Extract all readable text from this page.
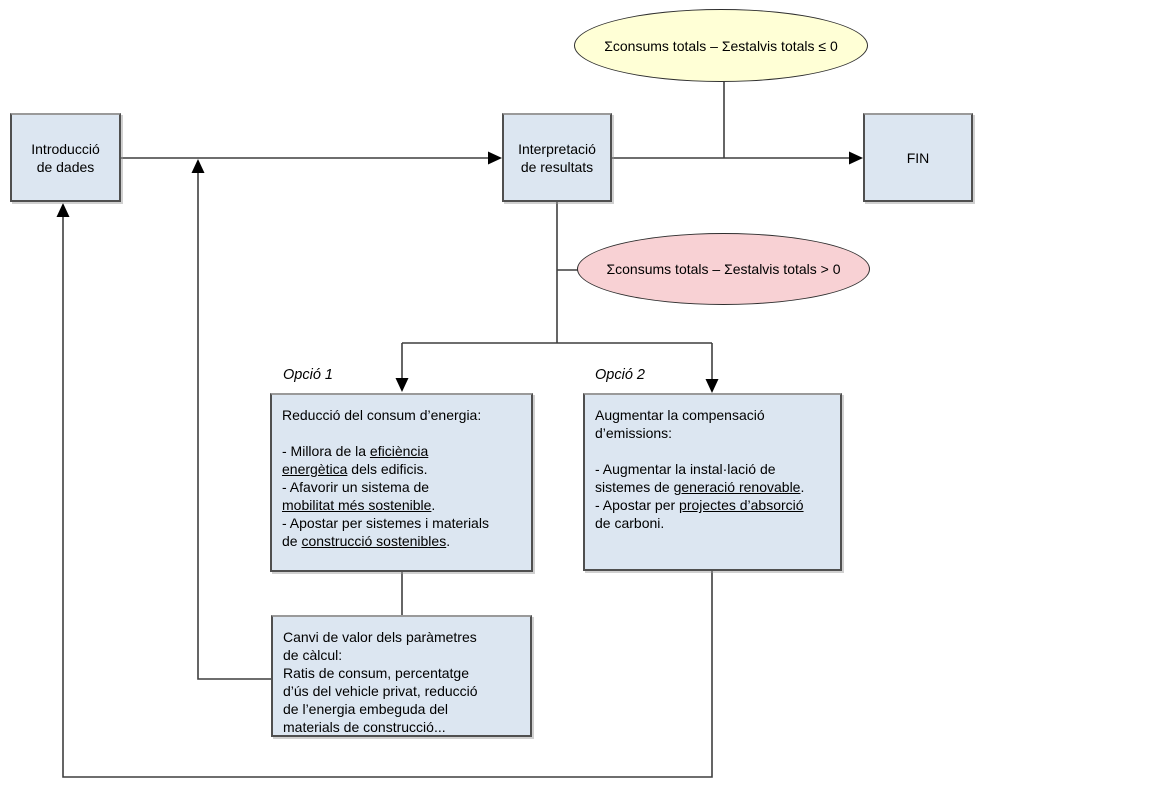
Introducció
de dades
Interpretació
de resultats
FIN
Σconsums totals – Σestalvis totals ≤ 0
Σconsums totals – Σestalvis totals > 0
Opció 1	Opció 2
Reducció del consum d’energia:

- Millora de la eficiència
energètica dels edificis.
- Afavorir un sistema de
mobilitat més sostenible.
- Apostar per sistemes i materials
de construcció sostenibles.
Augmentar la compensació
d’emissions:

- Augmentar la instal·lació de
sistemes de generació renovable.
- Apostar per projectes d’absorció
de carboni.
Canvi de valor dels paràmetres
de càlcul:
Ratis de consum, percentatge
d’ús del vehicle privat, reducció
de l’energia embeguda del
materials de construcció...
